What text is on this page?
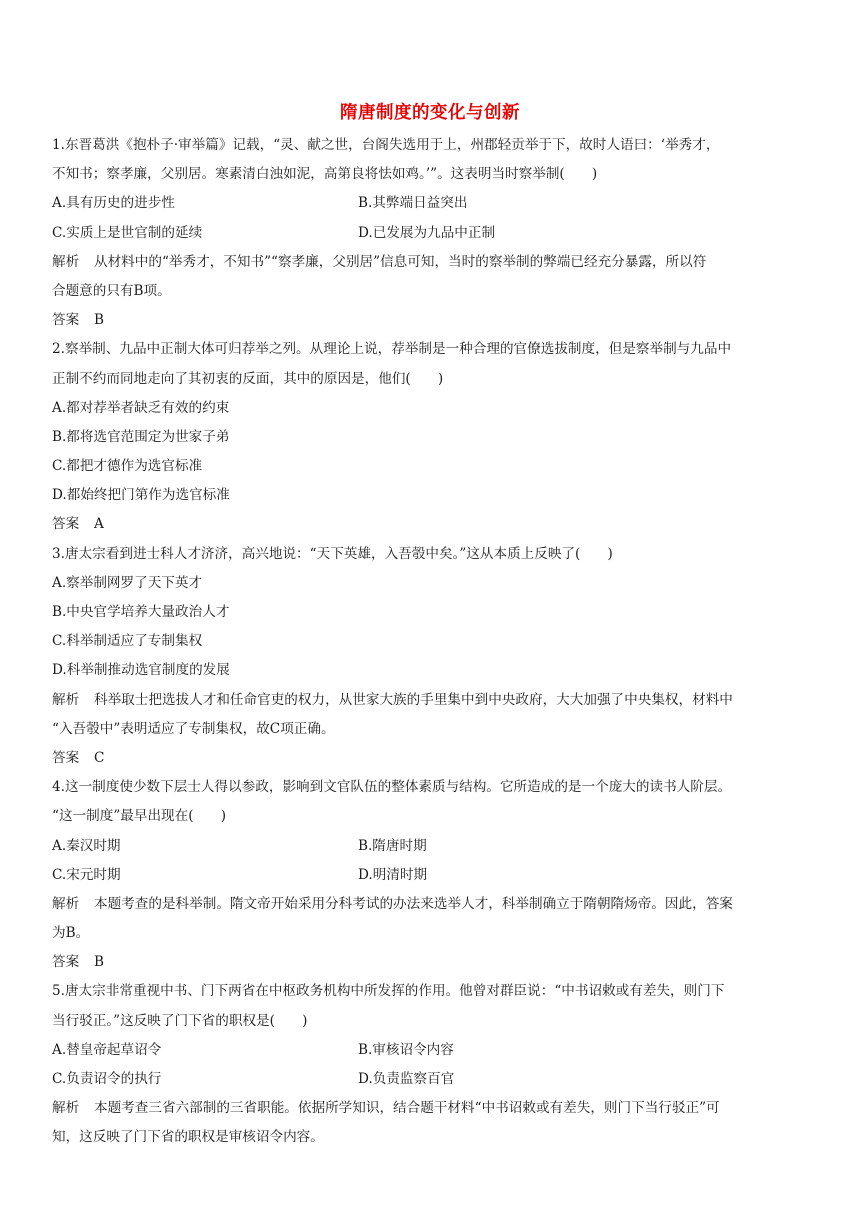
隋唐制度的变化与创新
1.东晋葛洪《抱朴子·审举篇》记载，“灵、献之世，台阁失选用于上，州郡轻贡举于下，故时人语曰：‘举秀才，
不知书；察孝廉，父别居。寒素清白浊如泥，高第良将怯如鸡。’”。这表明当时察举制(　　)
A.具有历史的进步性	B.其弊端日益突出
C.实质上是世官制的延续	D.已发展为九品中正制
解析 从材料中的“举秀才，不知书”“察孝廉，父别居”信息可知，当时的察举制的弊端已经充分暴露，所以符
合题意的只有B项。
答案 B
2.察举制、九品中正制大体可归荐举之列。从理论上说，荐举制是一种合理的官僚选拔制度，但是察举制与九品中
正制不约而同地走向了其初衷的反面，其中的原因是，他们(　　)
A.都对荐举者缺乏有效的约束
B.都将选官范围定为世家子弟
C.都把才德作为选官标准
D.都始终把门第作为选官标准
答案 A
3.唐太宗看到进士科人才济济，高兴地说：“天下英雄，入吾彀中矣。”这从本质上反映了(　　)
A.察举制网罗了天下英才
B.中央官学培养大量政治人才
C.科举制适应了专制集权
D.科举制推动选官制度的发展
解析 科举取士把选拔人才和任命官吏的权力，从世家大族的手里集中到中央政府，大大加强了中央集权，材料中
“入吾彀中”表明适应了专制集权，故C项正确。
答案 C
4.这一制度使少数下层士人得以参政，影响到文官队伍的整体素质与结构。它所造成的是一个庞大的读书人阶层。
“这一制度”最早出现在(　　)
A.秦汉时期	B.隋唐时期
C.宋元时期	D.明清时期
解析 本题考查的是科举制。隋文帝开始采用分科考试的办法来选举人才，科举制确立于隋朝隋炀帝。因此，答案
为B。
答案 B
5.唐太宗非常重视中书、门下两省在中枢政务机构中所发挥的作用。他曾对群臣说：“中书诏敕或有差失，则门下
当行驳正。”这反映了门下省的职权是(　　)
A.替皇帝起草诏令	B.审核诏令内容
C.负责诏令的执行	D.负责监察百官
解析 本题考查三省六部制的三省职能。依据所学知识，结合题干材料“中书诏敕或有差失，则门下当行驳正”可
知，这反映了门下省的职权是审核诏令内容。
